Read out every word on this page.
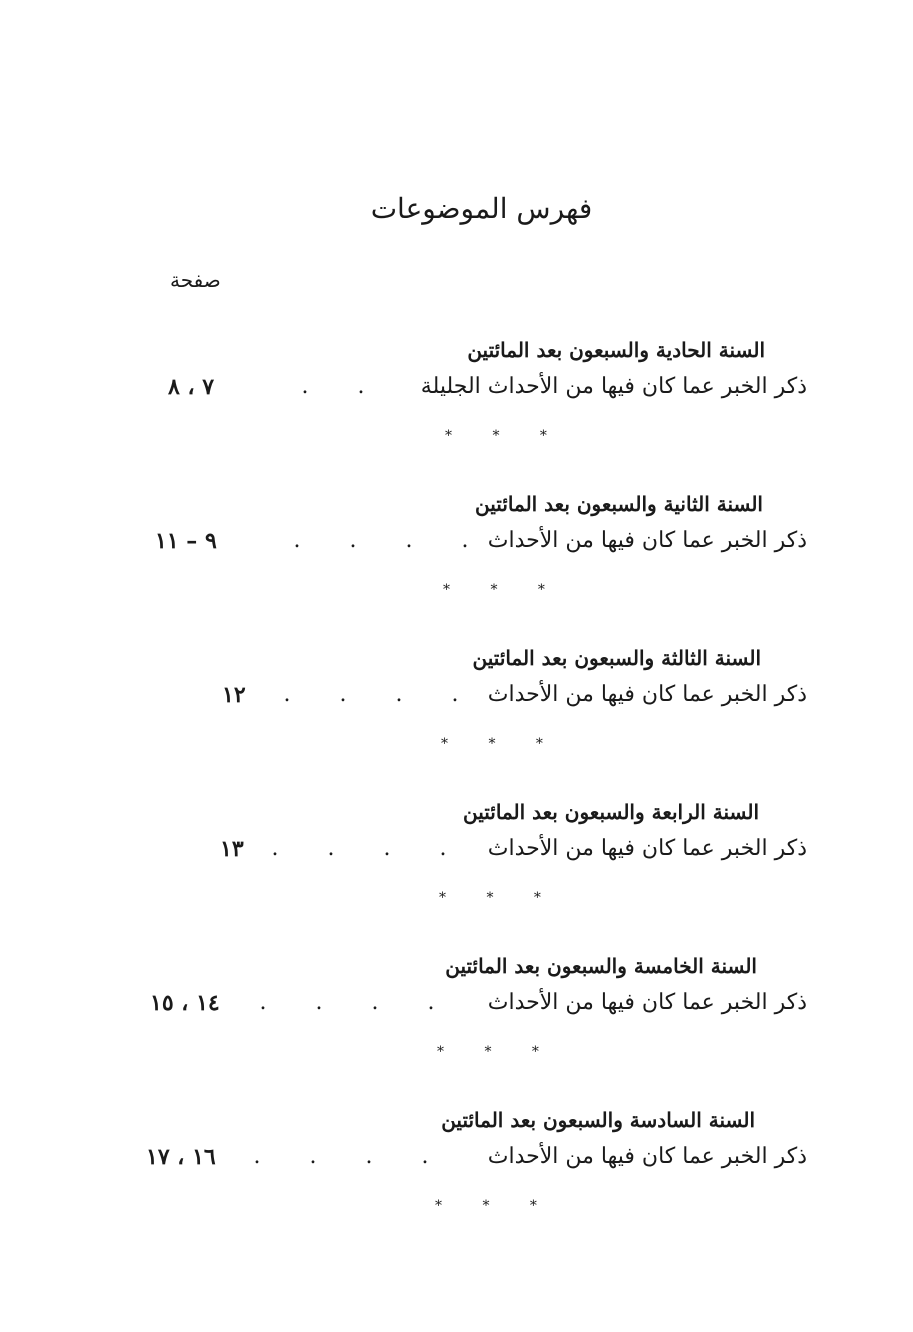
فهرس الموضوعات
صفحة
السنة الحادية والسبعون بعد المائتين
ذكر الخبر عما كان فيها من الأحداث الجليلة
. .
٧ ، ٨
* * *
السنة الثانية والسبعون بعد المائتين
ذكر الخبر عما كان فيها من الأحداث
. . . .
٩ – ١١
* * *
السنة الثالثة والسبعون بعد المائتين
ذكر الخبر عما كان فيها من الأحداث
. . . .
١٢
* * *
السنة الرابعة والسبعون بعد المائتين
ذكر الخبر عما كان فيها من الأحداث
. . . .
١٣
* * *
السنة الخامسة والسبعون بعد المائتين
ذكر الخبر عما كان فيها من الأحداث
. . . .
١٤ ، ١٥
* * *
السنة السادسة والسبعون بعد المائتين
ذكر الخبر عما كان فيها من الأحداث
. . . .
١٦ ، ١٧
* * *
